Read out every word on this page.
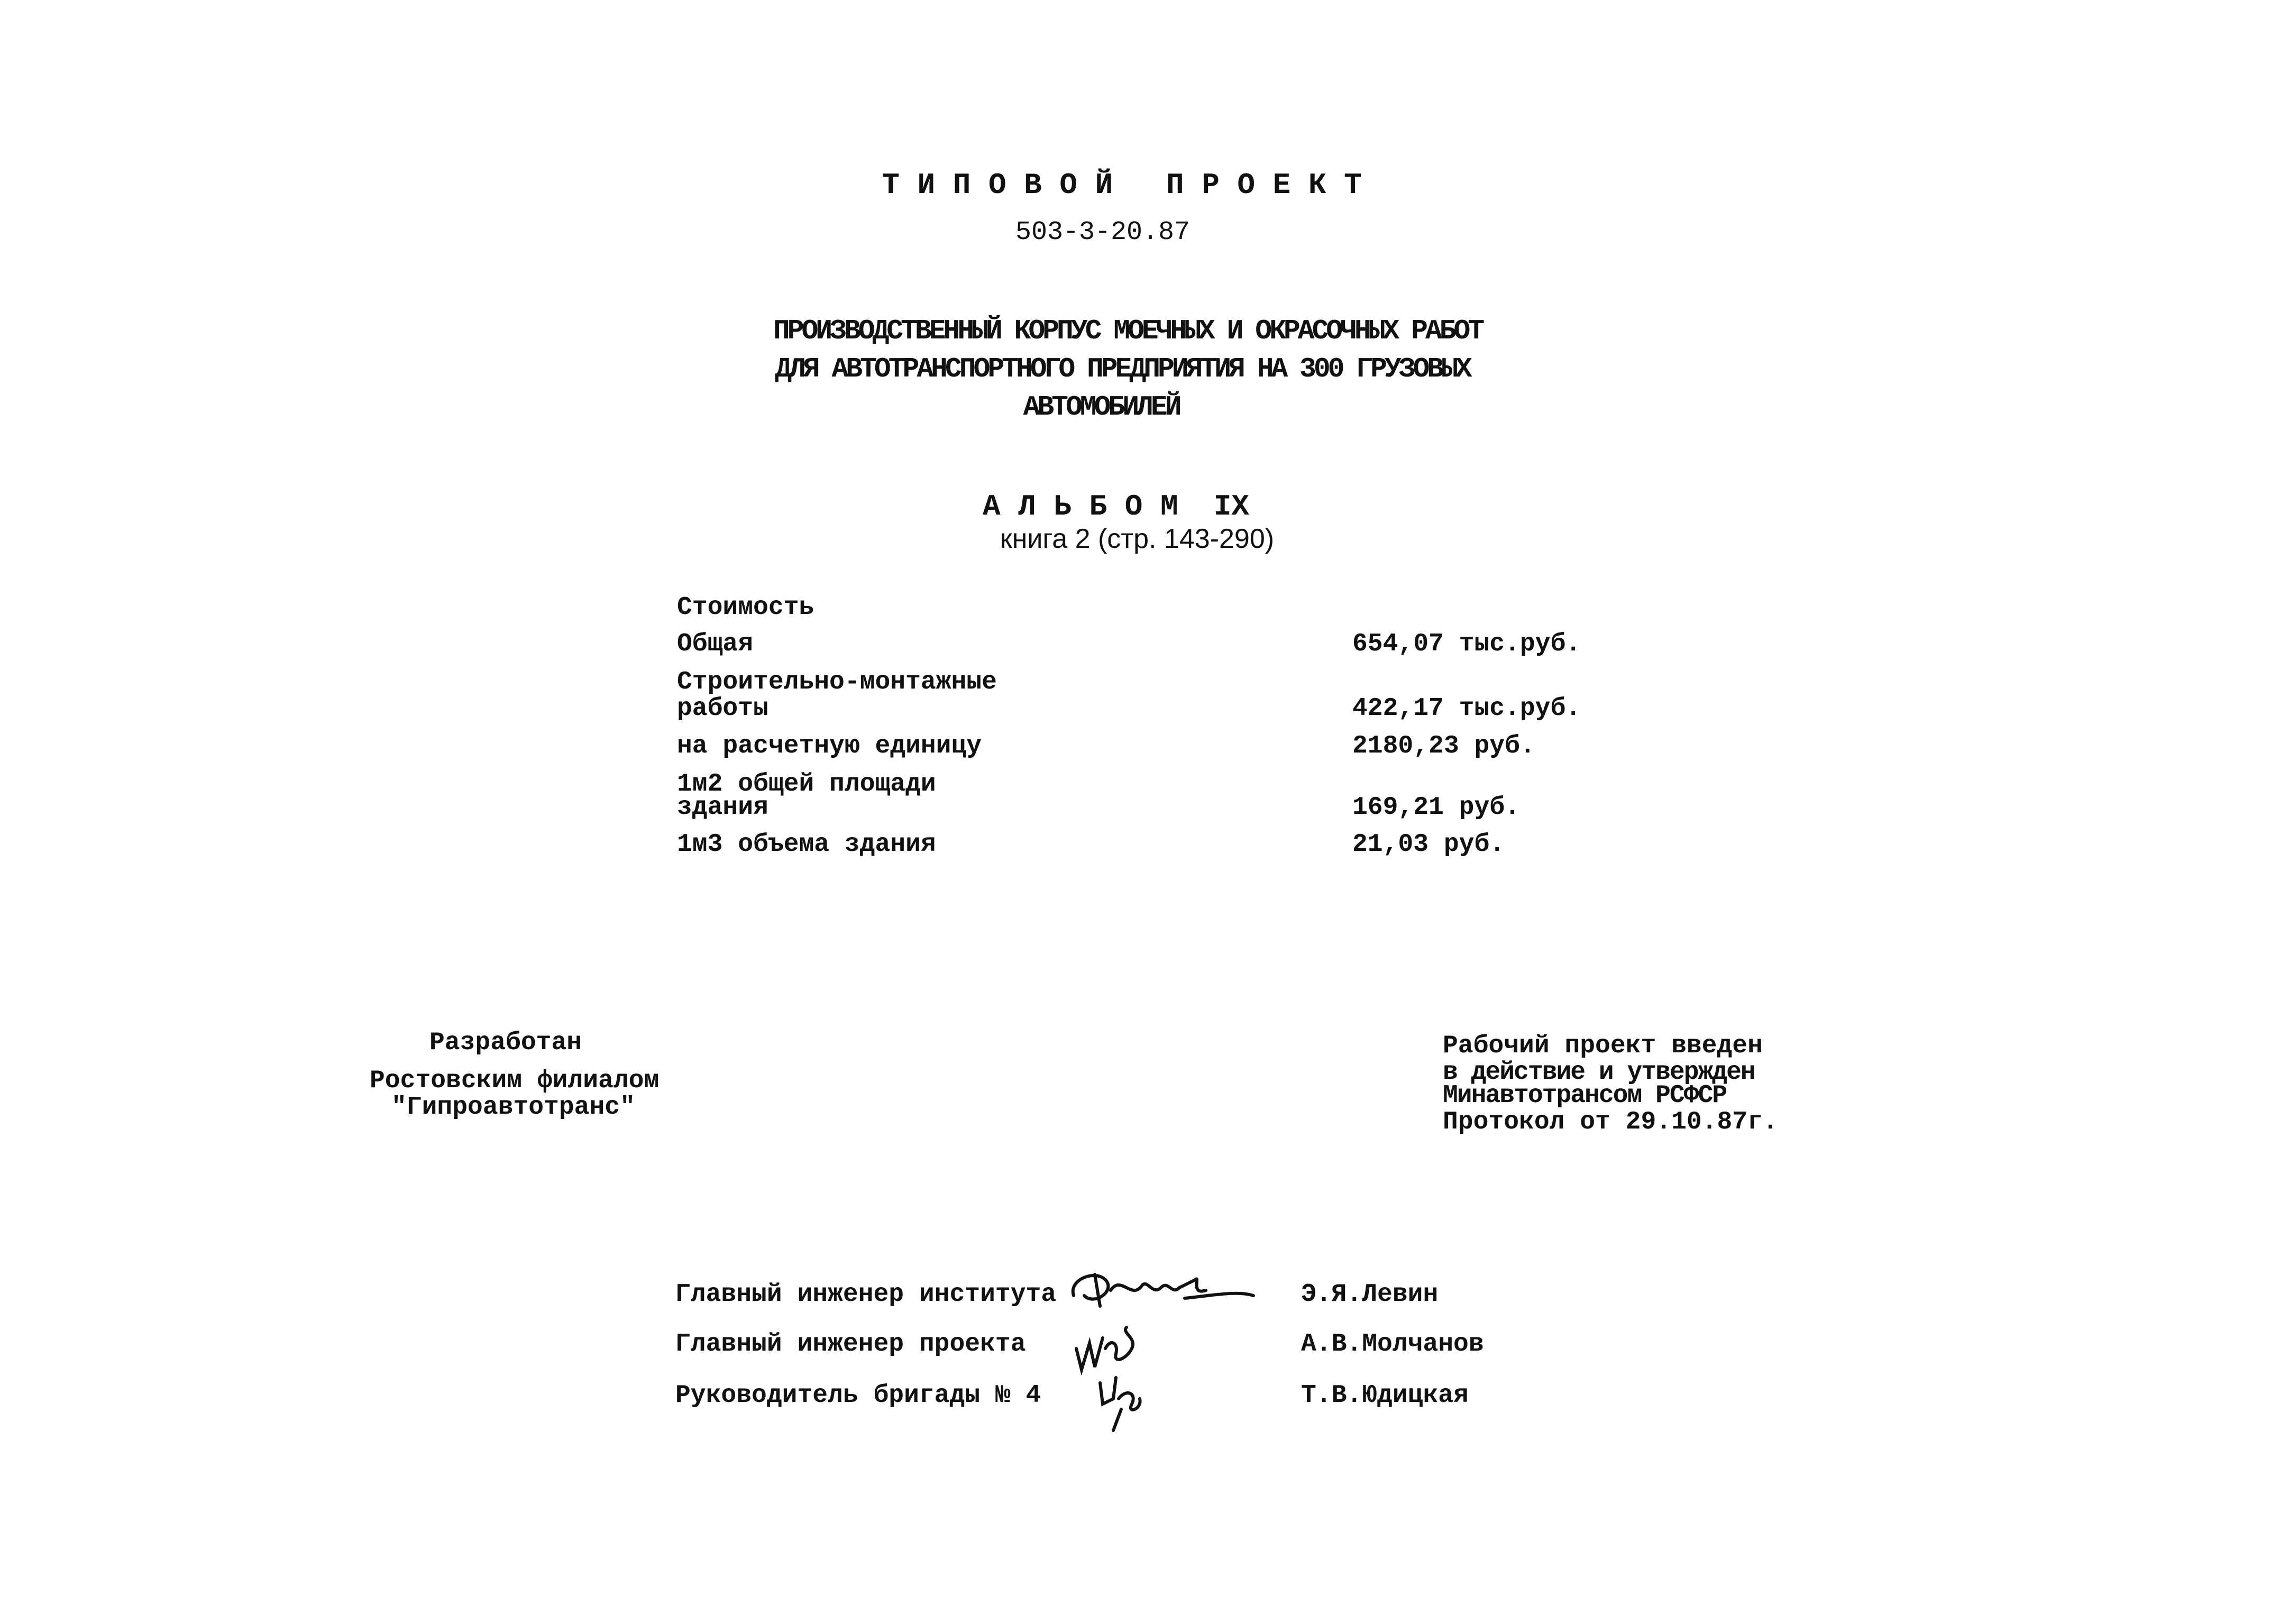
Т И П О В О Й   П Р О Е К Т
503-3-20.87
ПРОИЗВОДСТВЕННЫЙ КОРПУС МОЕЧНЫХ И ОКРАСОЧНЫХ РАБОТ
ДЛЯ АВТОТРАНСПОРТНОГО ПРЕДПРИЯТИЯ НА 300 ГРУЗОВЫХ
АВТОМОБИЛЕЙ
А Л Ь Б О М  IX
книга 2 (стр. 143-290)
Стоимость
Общая	654,07 тыс.руб.
Строительно-монтажные
работы	422,17 тыс.руб.
на расчетную единицу	2180,23 руб.
1м2 общей площади
здания	169,21 руб.
1м3 объема здания	21,03 руб.
Разработан
Ростовским филиалом
"Гипроавтотранс"
Рабочий проект введен
в действие и утвержден
Минавтотрансом РСФСР
Протокол от 29.10.87г.
Главный инженер института	Э.Я.Левин
Главный инженер проекта	А.В.Молчанов
Руководитель бригады № 4	Т.В.Юдицкая
